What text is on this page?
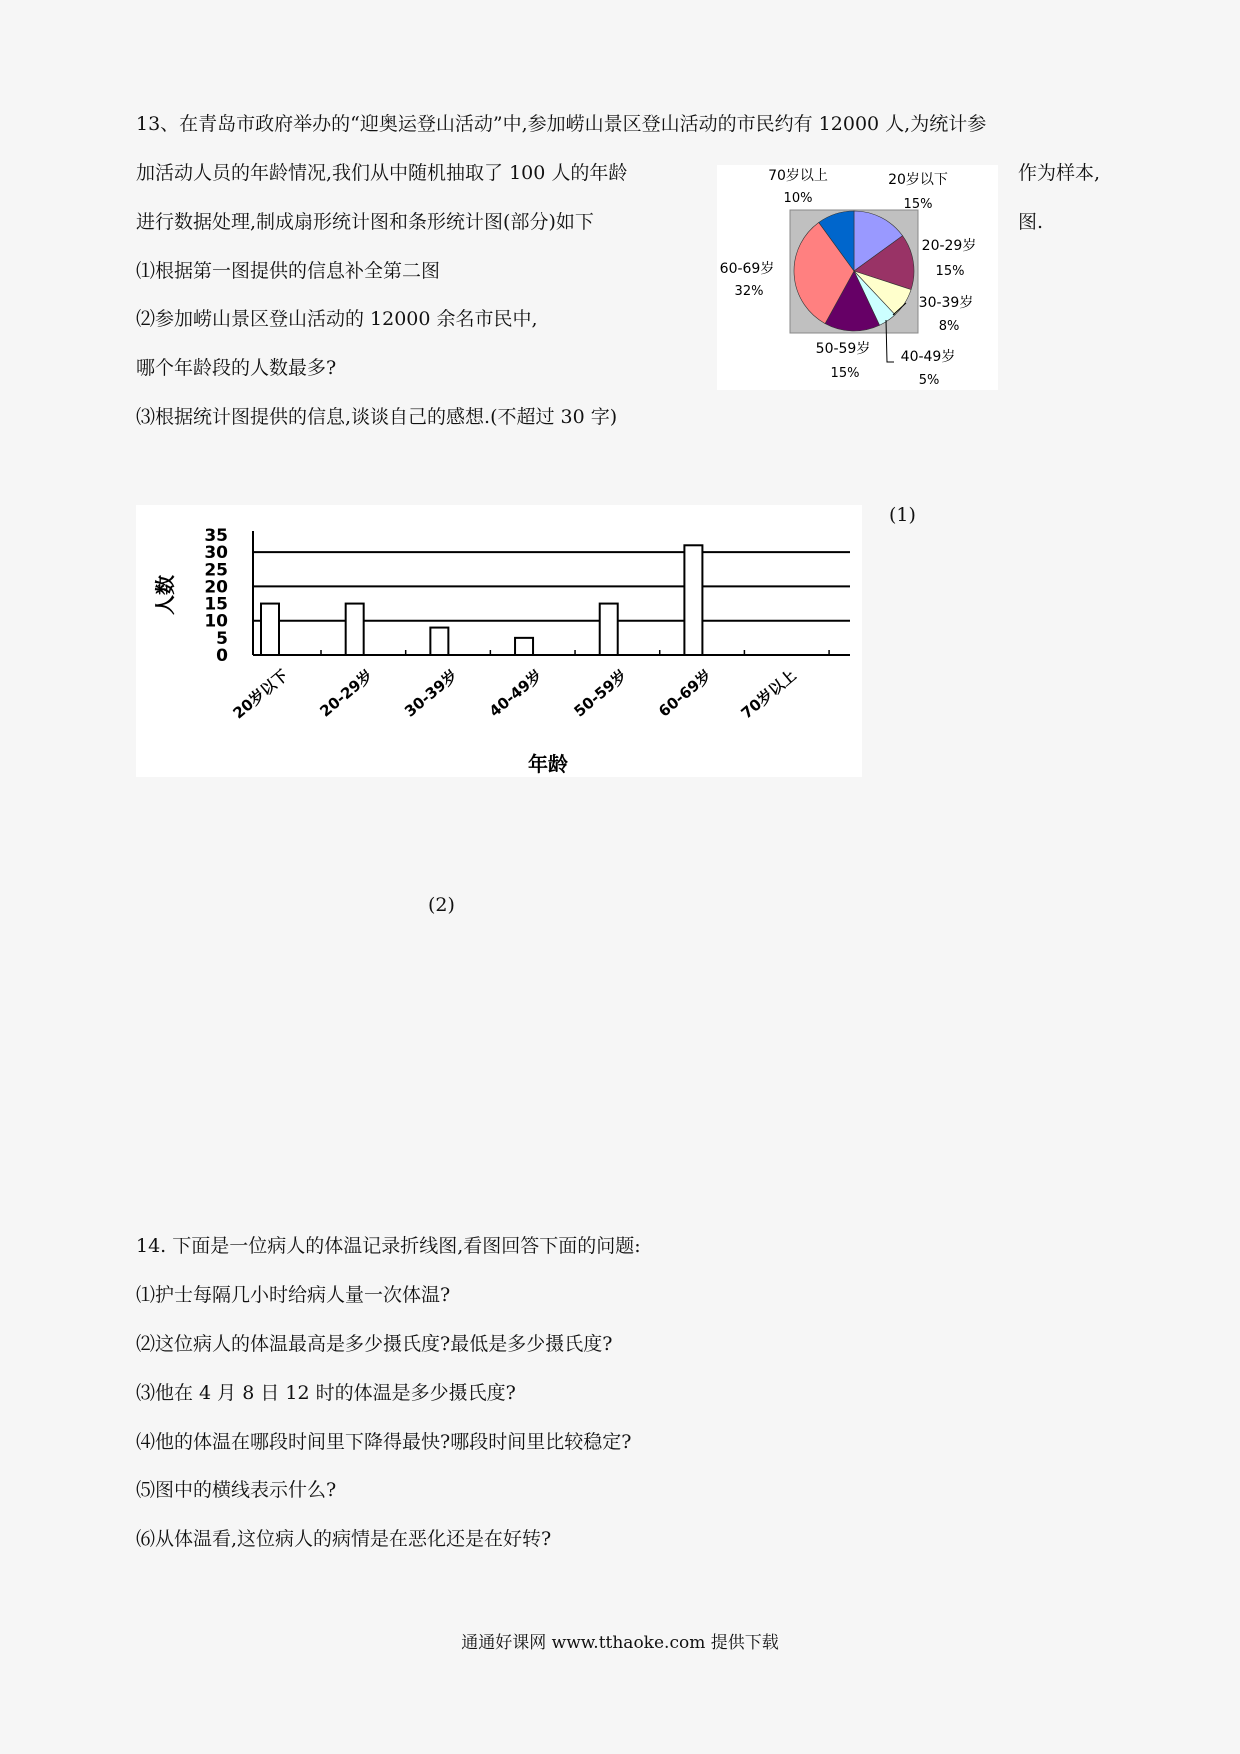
13、在青岛市政府举办的“迎奥运登山活动”中,参加崂山景区登山活动的市民约有 12000 人,为统计参
加活动人员的年龄情况,我们从中随机抽取了 100 人的年龄	作为样本,
进行数据处理,制成扇形统计图和条形统计图(部分)如下	图.
⑴根据第一图提供的信息补全第二图
⑵参加崂山景区登山活动的 12000 余名市民中,
哪个年龄段的人数最多?
⑶根据统计图提供的信息,谈谈自己的感想.(不超过 30 字)
70岁以上
10%
20岁以下
15%
20-29岁
15%
60-69岁
32%
30-39岁
8%
50-59岁
15%
40-49岁
5%
(1)
0
5
10
15
20
25
30
35
20岁以下 20-29岁 30-39岁 40-49岁 50-59岁 60-69岁 70岁以上
人数
年龄
(2)
14. 下面是一位病人的体温记录折线图,看图回答下面的问题:
⑴护士每隔几小时给病人量一次体温?
⑵这位病人的体温最高是多少摄氏度?最低是多少摄氏度?
⑶他在 4 月 8 日 12 时的体温是多少摄氏度?
⑷他的体温在哪段时间里下降得最快?哪段时间里比较稳定?
⑸图中的横线表示什么?
⑹从体温看,这位病人的病情是在恶化还是在好转?
通通好课网 www.tthaoke.com 提供下载
